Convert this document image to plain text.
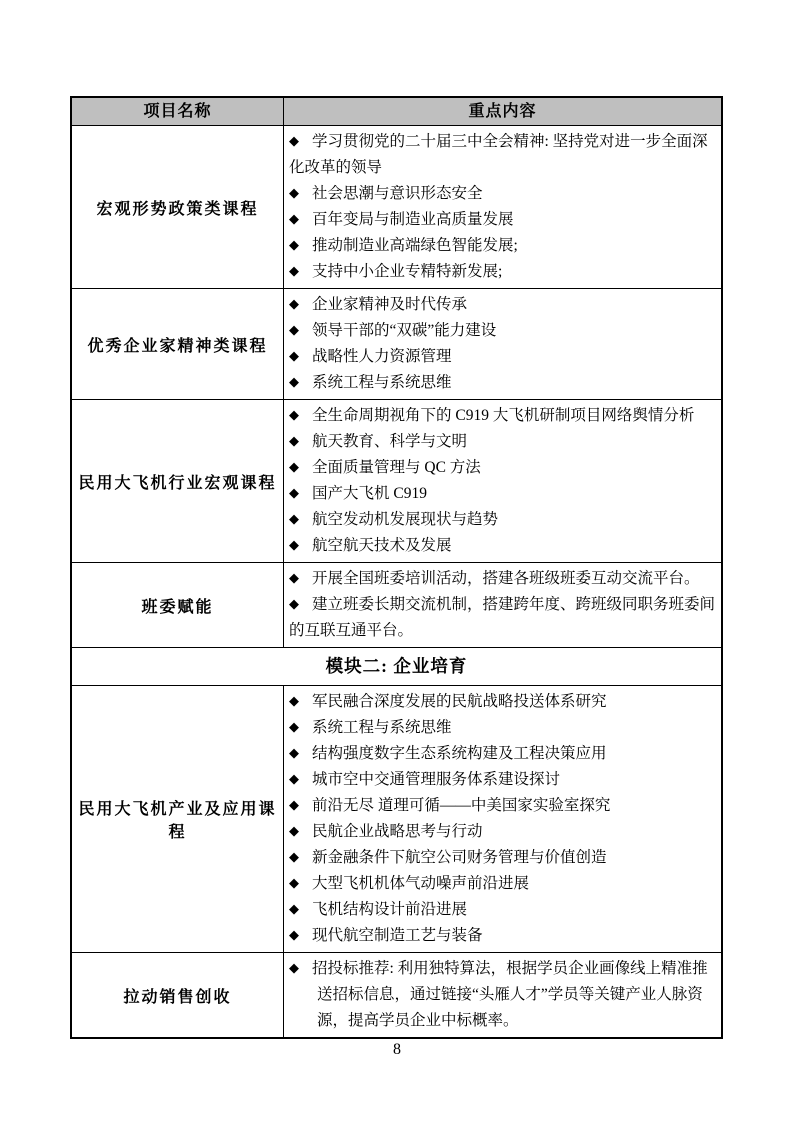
项目名称	重点内容
宏观形势政策类课程

◆ 学习贯彻党的二十届三中全会精神: 坚持党对进一步全面深化改革的领导

◆ 社会思潮与意识形态安全

◆ 百年变局与制造业高质量发展

◆ 推动制造业高端绿色智能发展;

◆ 支持中小企业专精特新发展;

优秀企业家精神类课程

◆ 企业家精神及时代传承

◆ 领导干部的“双碳”能力建设

◆ 战略性人力资源管理

◆ 系统工程与系统思维

民用大飞机行业宏观课程

◆ 全生命周期视角下的 C919 大飞机研制项目网络舆情分析

◆ 航天教育、科学与文明

◆ 全面质量管理与 QC 方法

◆ 国产大飞机 C919

◆ 航空发动机发展现状与趋势

◆ 航空航天技术及发展

班委赋能

◆ 开展全国班委培训活动，搭建各班级班委互动交流平台。

◆ 建立班委长期交流机制，搭建跨年度、跨班级同职务班委间的互联互通平台。

模块二: 企业培育
民用大飞机产业及应用课程

◆ 军民融合深度发展的民航战略投送体系研究

◆ 系统工程与系统思维

◆ 结构强度数字生态系统构建及工程决策应用

◆ 城市空中交通管理服务体系建设探讨

◆ 前沿无尽 道理可循——中美国家实验室探究

◆ 民航企业战略思考与行动

◆ 新金融条件下航空公司财务管理与价值创造

◆ 大型飞机机体气动噪声前沿进展

◆ 飞机结构设计前沿进展

◆ 现代航空制造工艺与装备

拉动销售创收

◆ 招投标推荐: 利用独特算法，根据学员企业画像线上精准推送招标信息，通过链接“头雁人才”学员等关键产业人脉资源，提高学员企业中标概率。

8
